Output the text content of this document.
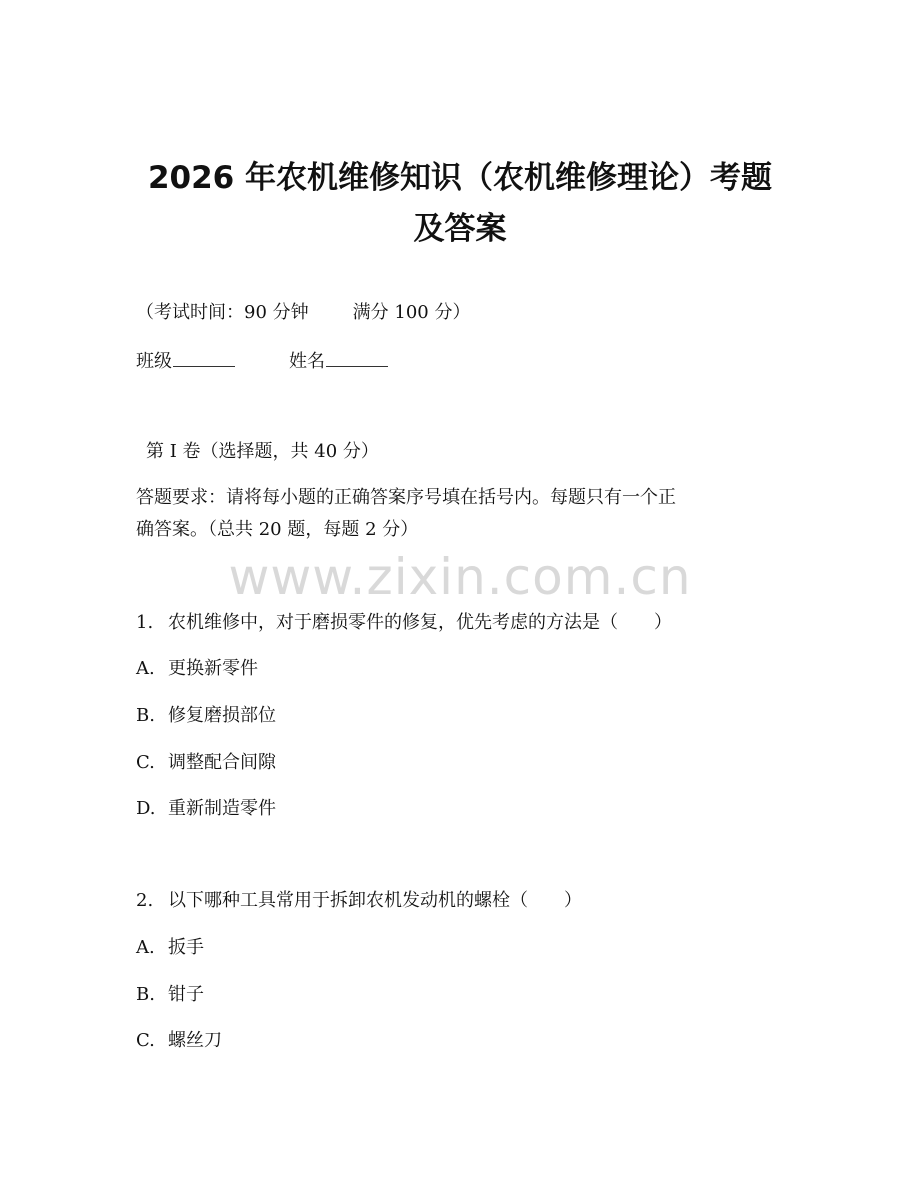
2026 年农机维修知识（农机维修理论）考题
及答案

（考试时间：90 分钟 满分 100 分）

班级	姓名

第 I 卷（选择题，共 40 分）

答题要求：请将每小题的正确答案序号填在括号内。每题只有一个正

确答案。（总共 20 题，每题 2 分）

www.zixin.com.cn

1. 农机维修中，对于磨损零件的修复，优先考虑的方法是（　　）

A. 更换新零件

B. 修复磨损部位

C. 调整配合间隙

D. 重新制造零件

2. 以下哪种工具常用于拆卸农机发动机的螺栓（　　）

A. 扳手

B. 钳子

C. 螺丝刀
